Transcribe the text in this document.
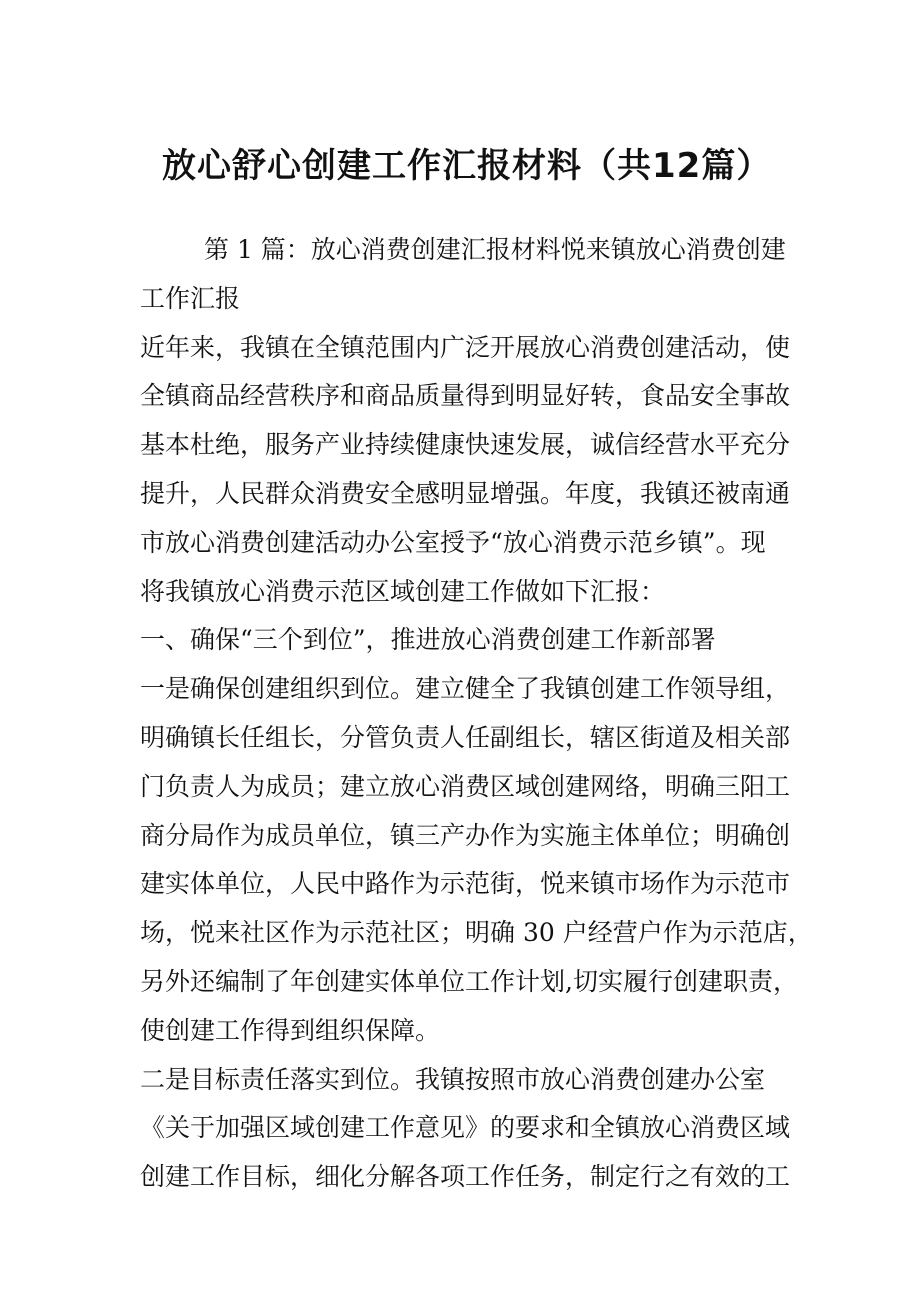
放心舒心创建工作汇报材料（共12篇）

第 1 篇：放心消费创建汇报材料悦来镇放心消费创建

工作汇报

近年来，我镇在全镇范围内广泛开展放心消费创建活动，使

全镇商品经营秩序和商品质量得到明显好转，食品安全事故

基本杜绝，服务产业持续健康快速发展，诚信经营水平充分

提升，人民群众消费安全感明显增强。年度，我镇还被南通

市放心消费创建活动办公室授予“放心消费示范乡镇”。现

将我镇放心消费示范区域创建工作做如下汇报：

一、确保“三个到位”，推进放心消费创建工作新部署

一是确保创建组织到位。建立健全了我镇创建工作领导组，

明确镇长任组长，分管负责人任副组长，辖区街道及相关部

门负责人为成员；建立放心消费区域创建网络，明确三阳工

商分局作为成员单位，镇三产办作为实施主体单位；明确创

建实体单位，人民中路作为示范街，悦来镇市场作为示范市

场，悦来社区作为示范社区；明确 30 户经营户作为示范店，

另外还编制了年创建实体单位工作计划,切实履行创建职责，

使创建工作得到组织保障。

二是目标责任落实到位。我镇按照市放心消费创建办公室

《关于加强区域创建工作意见》的要求和全镇放心消费区域

创建工作目标，细化分解各项工作任务，制定行之有效的工
